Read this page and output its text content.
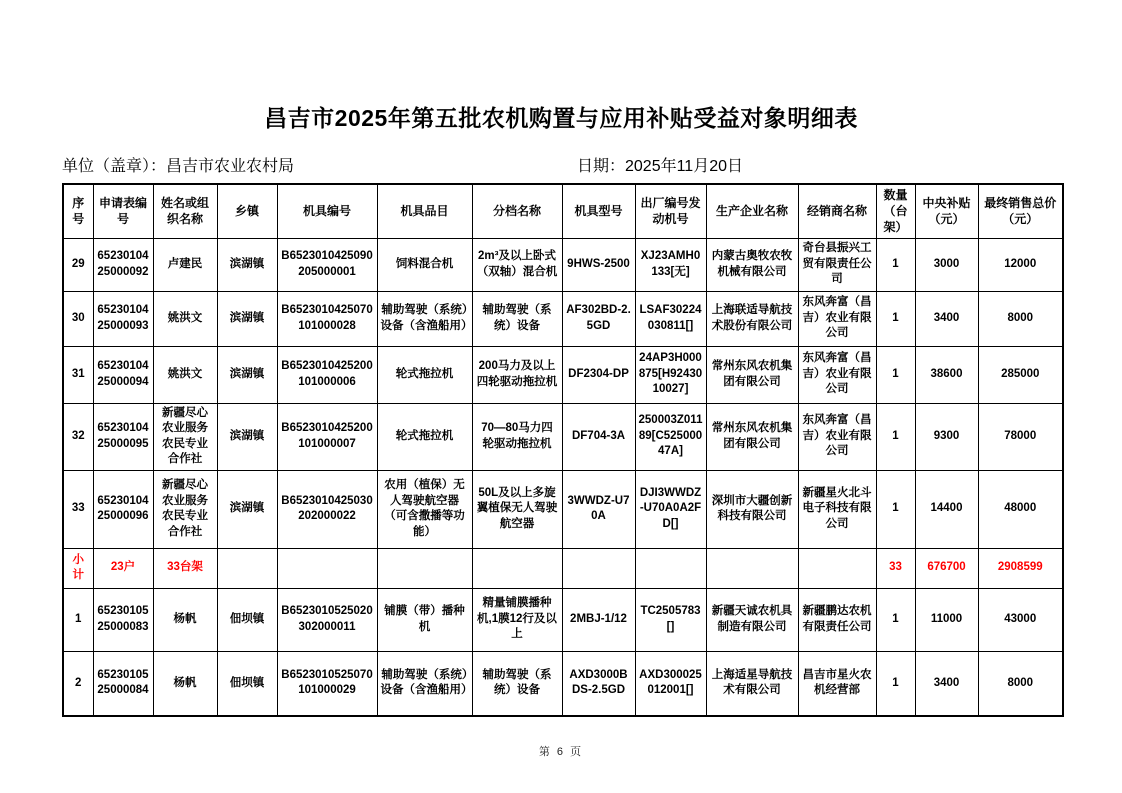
昌吉市2025年第五批农机购置与应用补贴受益对象明细表
单位（盖章）：昌吉市农业农村局	日期：2025年11月20日
序号	申请表编号	姓名或组织名称	乡镇	机具编号	机具品目	分档名称	机具型号	出厂编号发动机号	生产企业名称	经销商名称	数量（台架）	中央补贴（元）	最终销售总价（元）
29	6523010425000092	卢建民	滨湖镇	B6523010425090205000001	饲料混合机	2m³及以上卧式（双轴）混合机	9HWS-2500	XJ23AMH0133[无]	内蒙古奥牧农牧机械有限公司	奇台县振兴工贸有限责任公司	1	3000	12000
30	6523010425000093	姚洪文	滨湖镇	B6523010425070101000028	辅助驾驶（系统）设备（含渔船用）	辅助驾驶（系统）设备	AF302BD-2.5GD	LSAF30224030811[]	上海联适导航技术股份有限公司	东风奔富（昌吉）农业有限公司	1	3400	8000
31	6523010425000094	姚洪文	滨湖镇	B6523010425200101000006	轮式拖拉机	200马力及以上四轮驱动拖拉机	DF2304-DP	24AP3H000875[H9243010027]	常州东风农机集团有限公司	东风奔富（昌吉）农业有限公司	1	38600	285000
32	6523010425000095	新疆尽心农业服务农民专业合作社	滨湖镇	B6523010425200101000007	轮式拖拉机	70—80马力四轮驱动拖拉机	DF704-3A	250003Z01189[C52500047A]	常州东风农机集团有限公司	东风奔富（昌吉）农业有限公司	1	9300	78000
33	6523010425000096	新疆尽心农业服务农民专业合作社	滨湖镇	B6523010425030202000022	农用（植保）无人驾驶航空器（可含撒播等功能）	50L及以上多旋翼植保无人驾驶航空器	3WWDZ-U70A	DJI3WWDZ-U70A0A2FD[]	深圳市大疆创新科技有限公司	新疆星火北斗电子科技有限公司	1	14400	48000
小计	23户	33台架									33	676700	2908599
1	6523010525000083	杨帆	佃坝镇	B6523010525020302000011	铺膜（带）播种机	精量铺膜播种机,1膜12行及以上	2MBJ-1/12	TC2505783[]	新疆天诚农机具制造有限公司	新疆鹏达农机有限责任公司	1	11000	43000
2	6523010525000084	杨帆	佃坝镇	B6523010525070101000029	辅助驾驶（系统）设备（含渔船用）	辅助驾驶（系统）设备	AXD3000BDS-2.5GD	AXD300025012001[]	上海适星导航技术有限公司	昌吉市星火农机经营部	1	3400	8000
第 6 页
